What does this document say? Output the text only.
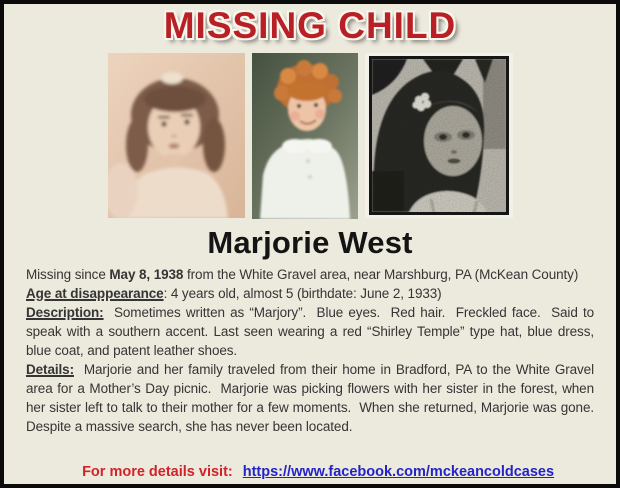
MISSING CHILD
Marjorie West

Missing since May 8, 1938 from the White Gravel area, near Marshburg, PA (McKean County)

Age at disappearance: 4 years old, almost 5 (birthdate: June 2, 1933)

Description:  Sometimes written as “Marjory”.  Blue eyes.  Red hair.  Freckled face.  Said to speak with a southern accent. Last seen wearing a red “Shirley Temple” type hat, blue dress, blue coat, and patent leather shoes.

Details:  Marjorie and her family traveled from their home in Bradford, PA to the White Gravel area for a Mother’s Day picnic.  Marjorie was picking flowers with her sister in the forest, when her sister left to talk to their mother for a few moments.  When she returned, Marjorie was gone.  Despite a massive search, she has never been located.

For more details visit: https://www.facebook.com/mckeancoldcases
